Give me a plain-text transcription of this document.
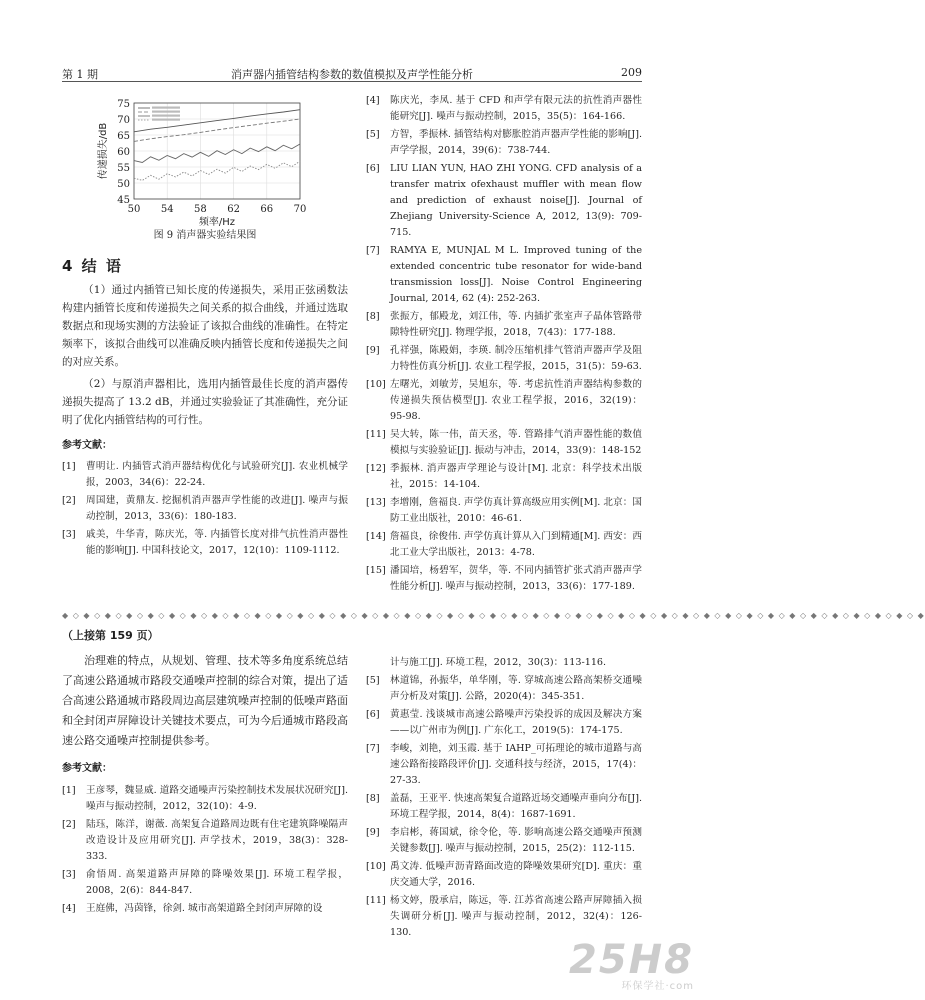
第 1 期	消声器内插管结构参数的数值模拟及声学性能分析	209
45
50
55
60
65
70
75
50 54 58 62 66 70
频率/Hz
传递损失/dB
图 9 消声器实验结果图
4 结 语

（1）通过内插管已知长度的传递损失，采用正弦函数法构建内插管长度和传递损失之间关系的拟合曲线，并通过选取数据点和现场实测的方法验证了该拟合曲线的准确性。在特定频率下，该拟合曲线可以准确反映内插管长度和传递损失之间的对应关系。

（2）与原消声器相比，选用内插管最佳长度的消声器传递损失提高了 13.2 dB，并通过实验验证了其准确性，充分证明了优化内插管结构的可行性。

参考文献：
[1]	曹明让. 内插管式消声器结构优化与试验研究[J]. 农业机械学报，2003，34(6)：22-24.
[2]	周国建，黄鼎友. 挖掘机消声器声学性能的改进[J]. 噪声与振动控制，2013，33(6)：180-183.
[3]	戚美，牛华青，陈庆光，等. 内插管长度对排气抗性消声器性能的影响[J]. 中国科技论文，2017，12(10)：1109-1112.
[4]	陈庆光，李凤. 基于 CFD 和声学有限元法的抗性消声器性能研究[J]. 噪声与振动控制，2015，35(5)：164-166.
[5]	方智，季振林. 插管结构对膨胀腔消声器声学性能的影响[J]. 声学学报，2014，39(6)：738-744.
[6]	LIU LIAN YUN, HAO ZHI YONG. CFD analysis of a transfer matrix ofexhaust muffler with mean flow and prediction of exhaust noise[J]. Journal of Zhejiang University-Science A, 2012, 13(9): 709-715.
[7]	RAMYA E, MUNJAL M L. Improved tuning of the extended concentric tube resonator for wide-band transmission loss[J]. Noise Control Engineering Journal, 2014, 62 (4): 252-263.
[8]	张振方，郁殿龙，刘江伟，等. 内插扩张室声子晶体管路带隙特性研究[J]. 物理学报，2018，7(43)：177-188.
[9]	孔祥强，陈殿娟，李瑛. 制冷压缩机排气管消声器声学及阻力特性仿真分析[J]. 农业工程学报，2015，31(5)：59-63.
[10] 左曙光，刘敏芳，吴旭东，等. 考虑抗性消声器结构参数的传递损失预估模型[J]. 农业工程学报，2016，32(19)：95-98.
[11] 吴大转，陈一伟，苗天丞，等. 管路排气消声器性能的数值模拟与实验验证[J]. 振动与冲击，2014，33(9)：148-152
[12] 季振林. 消声器声学理论与设计[M]. 北京：科学技术出版社，2015：14-104.
[13] 李增刚，詹福良. 声学仿真计算高级应用实例[M]. 北京：国防工业出版社，2010：46-61.
[14] 詹福良，徐俊伟. 声学仿真计算从入门到精通[M]. 西安：西北工业大学出版社，2013：4-78.
[15] 潘国培，杨碧军，贺华，等. 不同内插管扩张式消声器声学性能分析[J]. 噪声与振动控制，2013，33(6)：177-189.
◆ ◇ ◆ ◇ ◆ ◇ ◆ ◇ ◆ ◇ ◆ ◇ ◆ ◇ ◆ ◇ ◆ ◇ ◆ ◇ ◆ ◇ ◆ ◇ ◆ ◇ ◆ ◇ ◆ ◇ ◆ ◇ ◆ ◇ ◆ ◇ ◆ ◇ ◆ ◇ ◆ ◇ ◆ ◇ ◆ ◇ ◆ ◇ ◆ ◇ ◆ ◇ ◆ ◇ ◆ ◇ ◆ ◇ ◆ ◇ ◆ ◇ ◆ ◇ ◆ ◇ ◆ ◇ ◆ ◇ ◆ ◇ ◆ ◇ ◆ ◇ ◆ ◇ ◆ ◇ ◆
（上接第 159 页）

治理难的特点，从规划、管理、技术等多角度系统总结了高速公路通城市路段交通噪声控制的综合对策，提出了适合高速公路通城市路段周边高层建筑噪声控制的低噪声路面和全封闭声屏障设计关键技术要点，可为今后通城市路段高速公路交通噪声控制提供参考。

参考文献：
[1]	王彦琴，魏显威. 道路交通噪声污染控制技术发展状况研究[J]. 噪声与振动控制，2012，32(10)：4-9.
[2]	陆珏，陈洋，谢薇. 高架复合道路周边既有住宅建筑降噪隔声改造设计及应用研究[J]. 声学技术，2019，38(3)：328-333.
[3]	俞悟周. 高架道路声屏障的降噪效果[J]. 环境工程学报，2008，2(6)：844-847.
[4]	王庭佛，冯茵锋，徐剑. 城市高架道路全封闭声屏障的设
计与施工[J]. 环境工程，2012，30(3)：113-116.
[5]	林道锦，孙振华，单华刚，等. 穿城高速公路高架桥交通噪声分析及对策[J]. 公路，2020(4)：345-351.
[6]	黄惠莹. 浅谈城市高速公路噪声污染投诉的成因及解决方案——以广州市为例[J]. 广东化工，2019(5)：174-175.
[7]	李峻，刘艳，刘玉霞. 基于 IAHP_可拓理论的城市道路与高速公路衔接路段评价[J]. 交通科技与经济，2015，17(4)：27-33.
[8]	盖磊，王亚平. 快速高架复合道路近场交通噪声垂向分布[J]. 环境工程学报，2014，8(4)：1687-1691.
[9]	李启彬，蒋国斌，徐令伦，等. 影响高速公路交通噪声预测关键参数[J]. 噪声与振动控制，2015，25(2)：112-115.
[10] 禹文涛. 低噪声沥青路面改造的降噪效果研究[D]. 重庆：重庆交通大学，2016.
[11] 杨文婷，殷承启，陈远，等. 江苏省高速公路声屏障插入损失调研分析[J]. 噪声与振动控制，2012，32(4)：126-130.
25H8
环保学社·com
